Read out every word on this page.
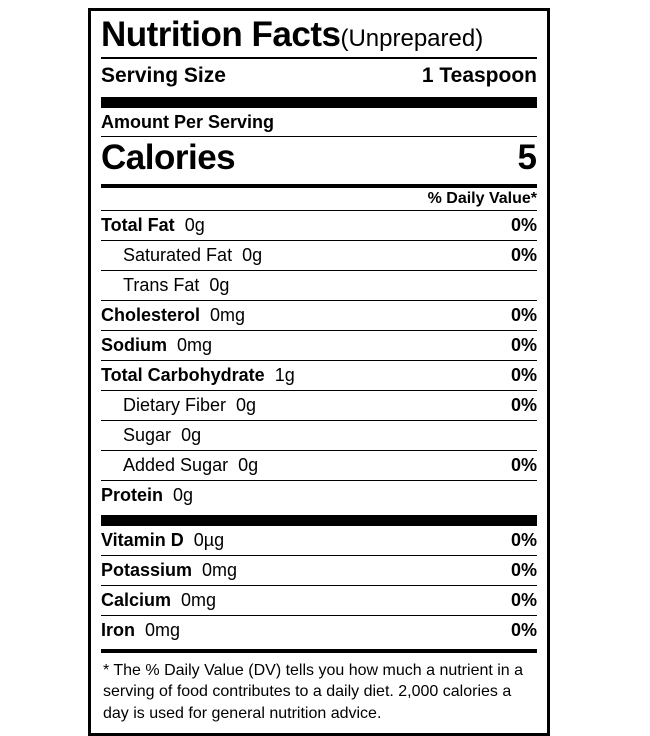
Nutrition Facts (Unprepared)
Serving Size	1 Teaspoon
Amount Per Serving
Calories	5
% Daily Value*
Total Fat 0g	0%
Saturated Fat 0g	0%
Trans Fat 0g
Cholesterol 0mg	0%
Sodium 0mg	0%
Total Carbohydrate 1g	0%
Dietary Fiber 0g	0%
Sugar 0g
Added Sugar 0g	0%
Protein 0g
Vitamin D 0µg	0%
Potassium 0mg	0%
Calcium 0mg	0%
Iron 0mg	0%
* The % Daily Value (DV) tells you how much a nutrient in a serving of food contributes to a daily diet. 2,000 calories a day is used for general nutrition advice.
